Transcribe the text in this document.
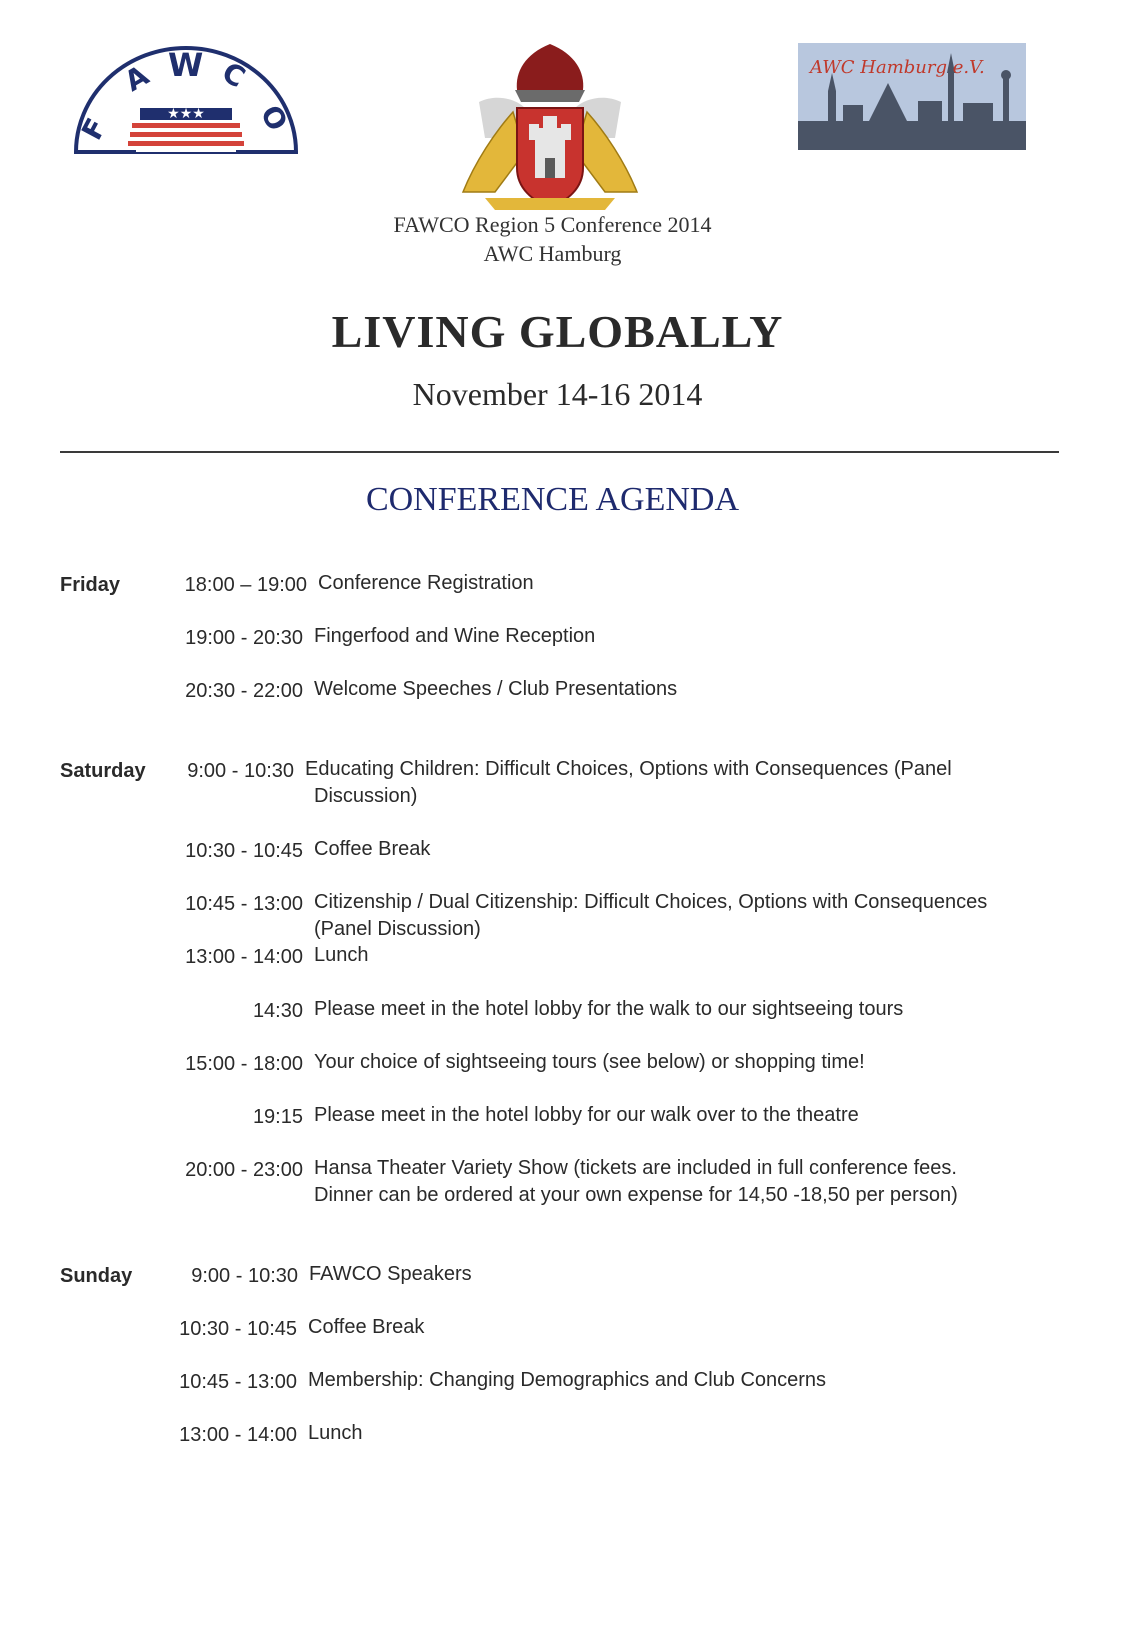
★★★
F
A W C
O
AWC Hamburg e.V.
FAWCO Region 5 Conference 2014
AWC Hamburg
LIVING GLOBALLY
November 14-16 2014
CONFERENCE AGENDA
Friday	18:00 – 19:00 Conference Registration
19:00 - 20:30 Fingerfood and Wine Reception
20:30 - 22:00 Welcome Speeches / Club Presentations
Saturday 9:00 - 10:30 Educating Children: Difficult Choices, Options with Consequences (Panel
Discussion)
10:30 - 10:45 Coffee Break
10:45 - 13:00 Citizenship / Dual Citizenship: Difficult Choices, Options with Consequences
(Panel Discussion)
13:00 - 14:00 Lunch
14:30 Please meet in the hotel lobby for the walk to our sightseeing tours
15:00 - 18:00 Your choice of sightseeing tours (see below) or shopping time!
19:15 Please meet in the hotel lobby for our walk over to the theatre
20:00 - 23:00 Hansa Theater Variety Show (tickets are included in full conference fees.
Dinner can be ordered at your own expense for 14,50 -18,50 per person)
Sunday	9:00 - 10:30 FAWCO Speakers
10:30 - 10:45 Coffee Break
10:45 - 13:00 Membership: Changing Demographics and Club Concerns
13:00 - 14:00 Lunch
